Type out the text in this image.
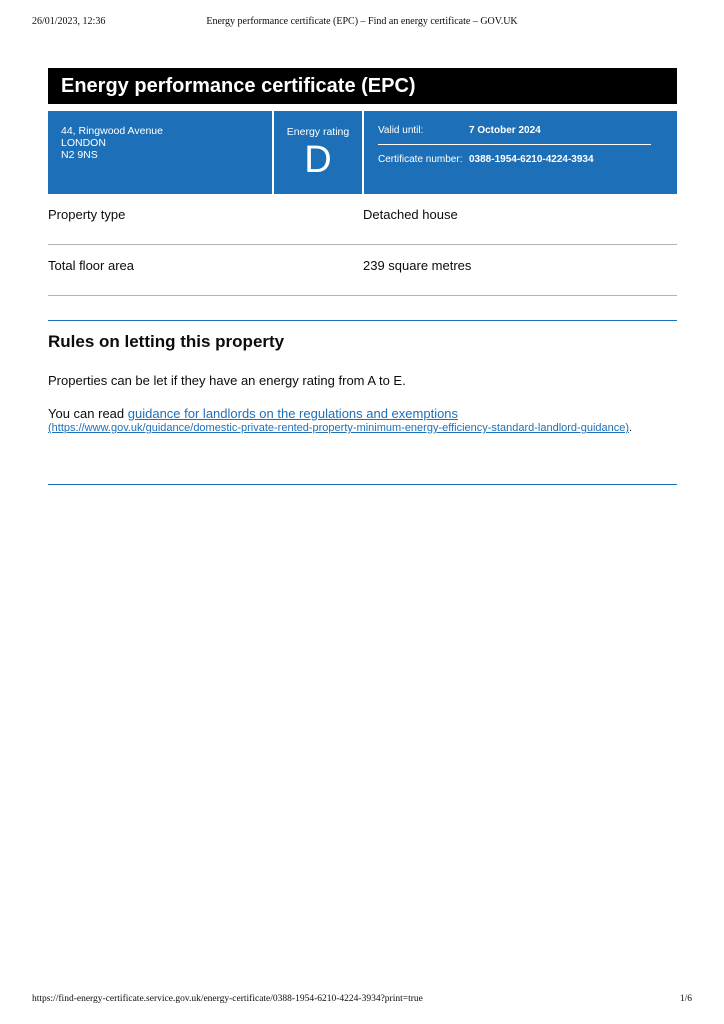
26/01/2023, 12:36	Energy performance certificate (EPC) – Find an energy certificate – GOV.UK
Energy performance certificate (EPC)
44, Ringwood Avenue
LONDON
N2 9NS
Energy rating
D
Valid until:	7 October 2024
Certificate number: 0388-1954-6210-4224-3934
Property type	Detached house
Total floor area	239 square metres
Rules on letting this property

Properties can be let if they have an energy rating from A to E.

You can read guidance for landlords on the regulations and exemptions
(https://www.gov.uk/guidance/domestic-private-rented-property-minimum-energy-efficiency-standard-landlord-guidance).

https://find-energy-certificate.service.gov.uk/energy-certificate/0388-1954-6210-4224-3934?print=true	1/6
